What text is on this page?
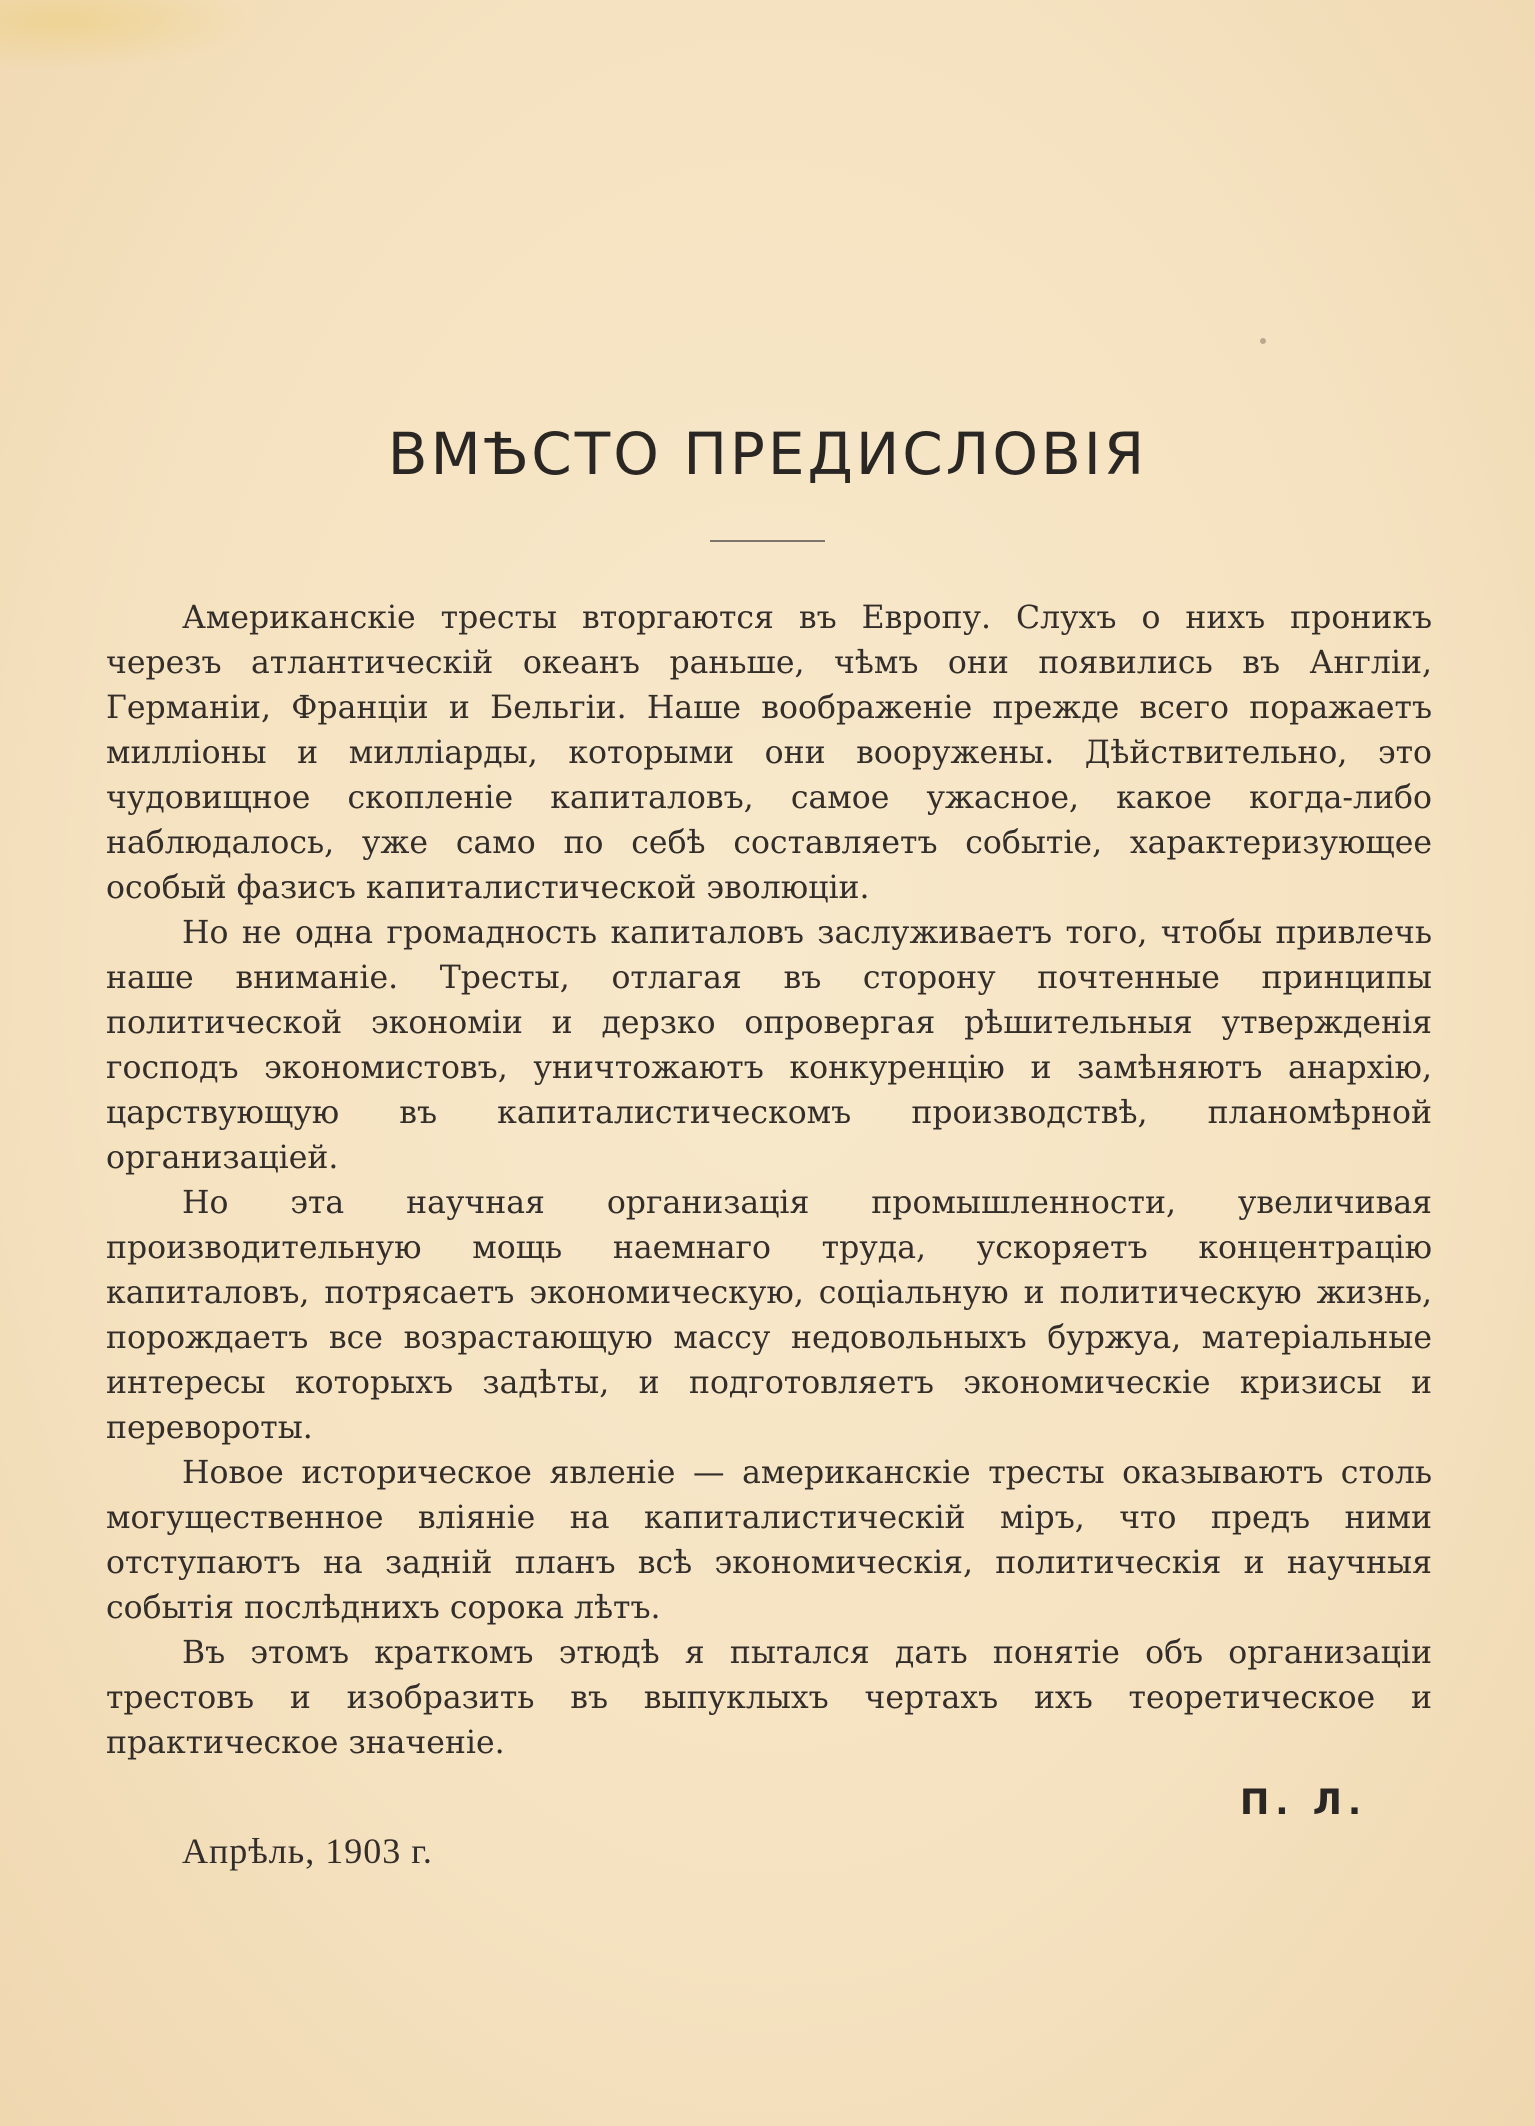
ВМѢСТО ПРЕДИСЛОВІЯ

Американскіе тресты вторгаются въ Европу. Слухъ о нихъ проникъ черезъ атлантическій океанъ раньше, чѣмъ они появились въ Англіи, Германіи, Франціи и Бельгіи. Наше воображеніе прежде всего поражаетъ милліоны и милліарды, которыми они вооружены. Дѣйствительно, это чудовищное скопленіе капиталовъ, самое ужасное, какое когда-либо наблюдалось, уже само по себѣ составляетъ событіе, характеризующее особый фазисъ капиталистической эволюціи.

Но не одна громадность капиталовъ заслуживаетъ того, чтобы привлечь наше вниманіе. Тресты, отлагая въ сторону почтенные принципы политической экономіи и дерзко опровергая рѣшительныя утвержденія господъ экономистовъ, уничтожаютъ конкуренцію и замѣняютъ анархію, царствующую въ капиталистическомъ производствѣ, планомѣрной организаціей.

Но эта научная организація промышленности, увеличивая производительную мощь наемнаго труда, ускоряетъ концентрацію капиталовъ, потрясаетъ экономическую, соціальную и политическую жизнь, порождаетъ все возрастающую массу недовольныхъ буржуа, матеріальные интересы которыхъ задѣты, и подготовляетъ экономическіе кризисы и перевороты.

Новое историческое явленіе — американскіе тресты оказываютъ столь могущественное вліяніе на капиталистическій міръ, что предъ ними отступаютъ на задній планъ всѣ экономическія, политическія и научныя событія послѣднихъ сорока лѣтъ.

Въ этомъ краткомъ этюдѣ я пытался дать понятіе объ организаціи трестовъ и изобразить въ выпуклыхъ чертахъ ихъ теоретическое и практическое значеніе.

П. Л.
Апрѣль, 1903 г.
